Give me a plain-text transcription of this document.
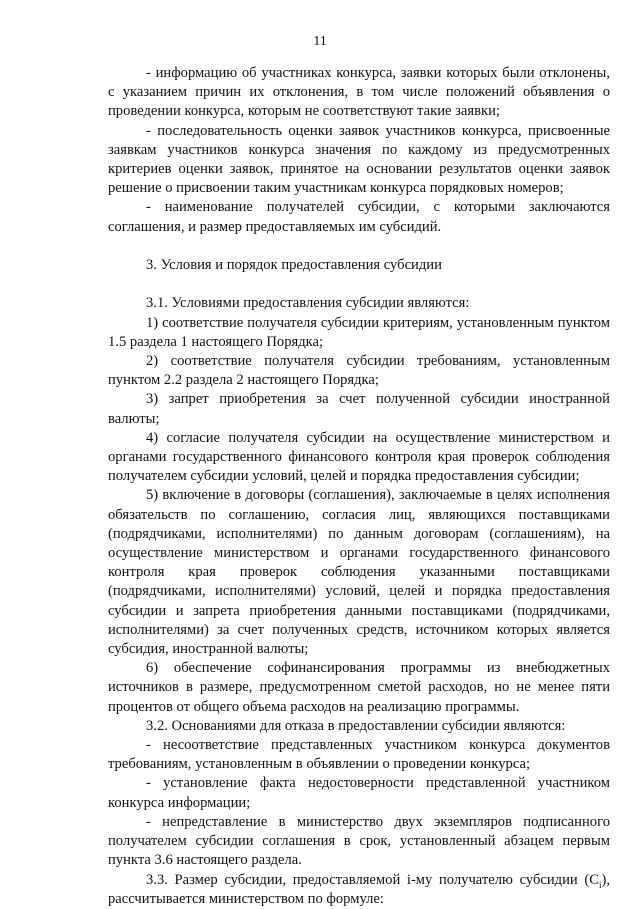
11

- информацию об участниках конкурса, заявки которых были отклонены, с указанием причин их отклонения, в том числе положений объявления о проведении конкурса, которым не соответствуют такие заявки;

- последовательность оценки заявок участников конкурса, присвоенные заявкам участников конкурса значения по каждому из предусмотренных критериев оценки заявок, принятое на основании результатов оценки заявок решение о присвоении таким участникам конкурса порядковых номеров;

- наименование получателей субсидии, с которыми заключаются соглашения, и размер предоставляемых им субсидий.

3. Условия и порядок предоставления субсидии

3.1. Условиями предоставления субсидии являются:

1) соответствие получателя субсидии критериям, установленным пунктом 1.5 раздела 1 настоящего Порядка;

2) соответствие получателя субсидии требованиям, установленным пунктом 2.2 раздела 2 настоящего Порядка;

3) запрет приобретения за счет полученной субсидии иностранной валюты;

4) согласие получателя субсидии на осуществление министерством и органами государственного финансового контроля края проверок соблюдения получателем субсидии условий, целей и порядка предоставления субсидии;

5) включение в договоры (соглашения), заключаемые в целях исполнения обязательств по соглашению, согласия лиц, являющихся поставщиками (подрядчиками, исполнителями) по данным договорам (соглашениям), на осуществление министерством и органами государственного финансового контроля края проверок соблюдения указанными поставщиками (подрядчиками, исполнителями) условий, целей и порядка предоставления субсидии и запрета приобретения данными поставщиками (подрядчиками, исполнителями) за счет полученных средств, источником которых является субсидия, иностранной валюты;

6) обеспечение софинансирования программы из внебюджетных источников в размере, предусмотренном сметой расходов, но не менее пяти процентов от общего объема расходов на реализацию программы.

3.2. Основаниями для отказа в предоставлении субсидии являются:

- несоответствие представленных участником конкурса документов требованиям, установленным в объявлении о проведении конкурса;

- установление факта недостоверности представленной участником конкурса информации;

- непредставление в министерство двух экземпляров подписанного получателем субсидии соглашения в срок, установленный абзацем первым пункта 3.6 настоящего раздела.

3.3. Размер субсидии, предоставляемой i-му получателю субсидии $(С_i)$, рассчитывается министерством по формуле:
